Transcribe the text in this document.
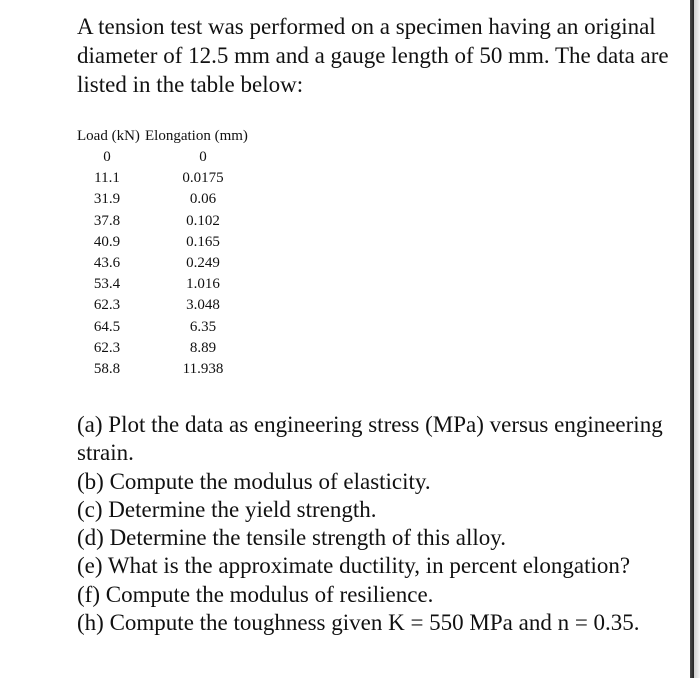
A tension test was performed on a specimen having an original
diameter of 12.5 mm and a gauge length of 50 mm. The data are
listed in the table below:
Load (kN)	Elongation (mm)
0	0
11.1	0.0175
31.9	0.06
37.8	0.102
40.9	0.165
43.6	0.249
53.4	1.016
62.3	3.048
64.5	6.35
62.3	8.89
58.8	11.938
(a) Plot the data as engineering stress (MPa) versus engineering
strain.
(b) Compute the modulus of elasticity.
(c) Determine the yield strength.
(d) Determine the tensile strength of this alloy.
(e) What is the approximate ductility, in percent elongation?
(f) Compute the modulus of resilience.
(h) Compute the toughness given K = 550 MPa and n = 0.35.
